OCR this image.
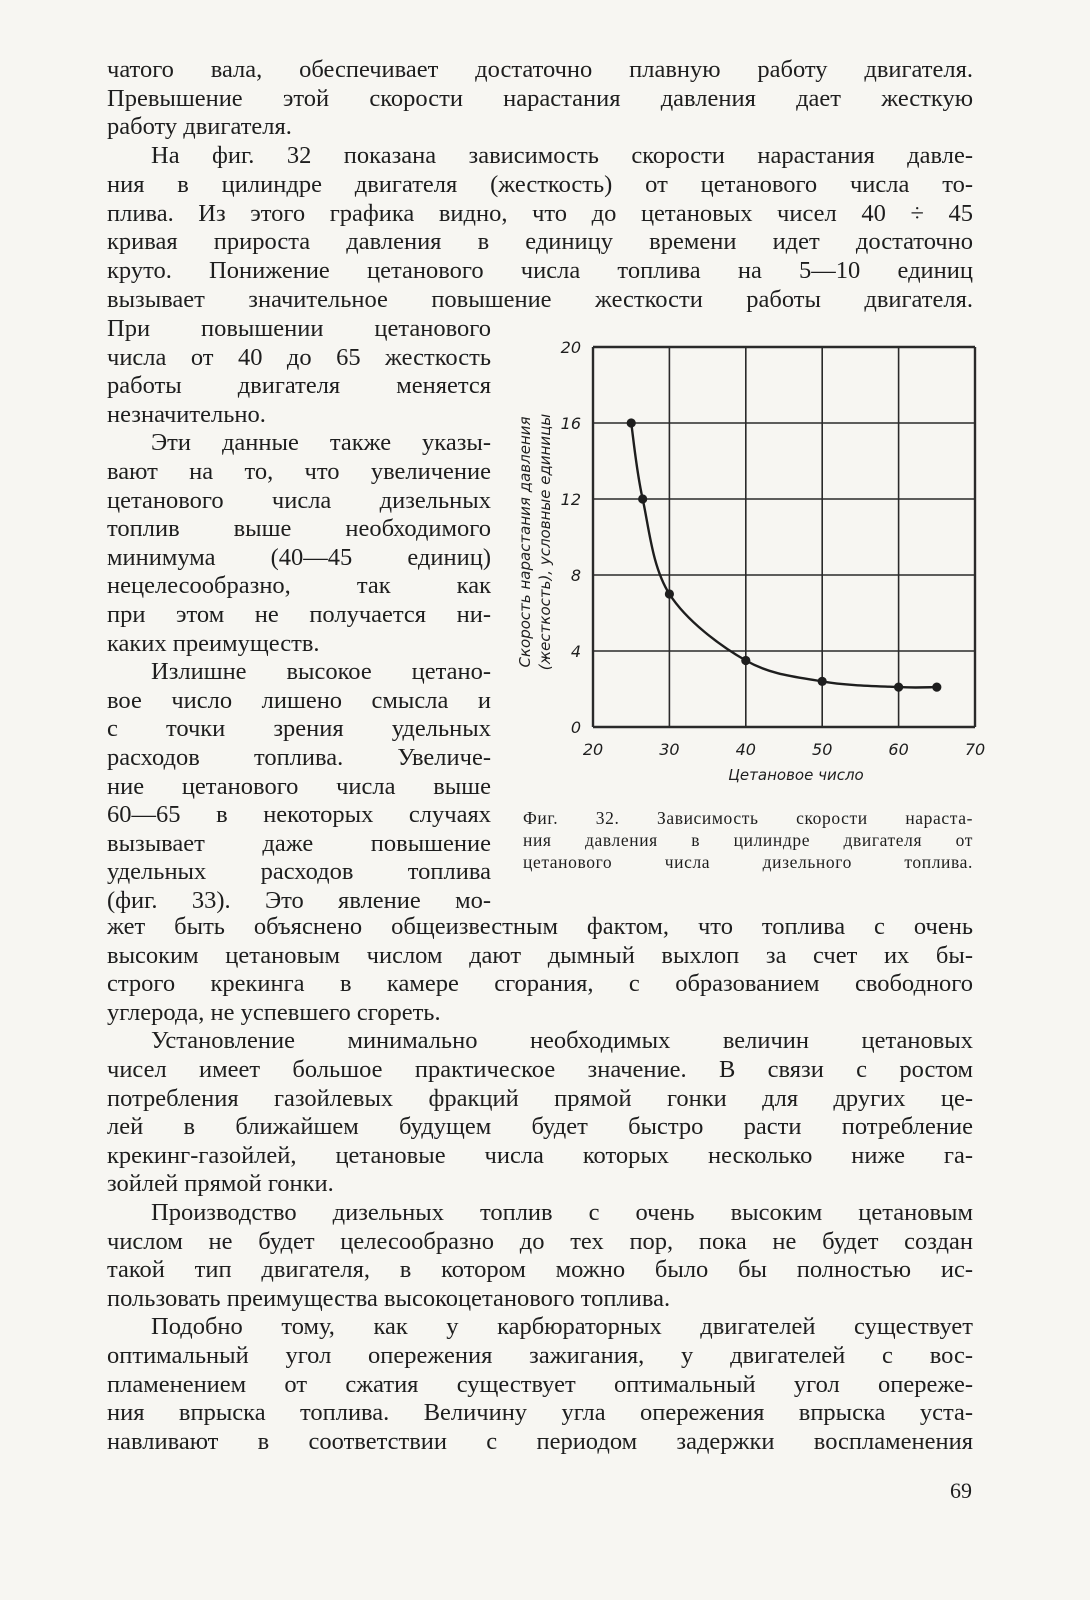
чатого вала, обеспечивает достаточно плавную работу двигателя.

Превышение этой скорости нарастания давления дает жесткую

работу двигателя.

На фиг. 32 показана зависимость скорости нарастания давле-

ния в цилиндре двигателя (жесткость) от цетанового числа то-

плива. Из этого графика видно, что до цетановых чисел 40 ÷ 45

кривая прироста давления в единицу времени идет достаточно

круто. Понижение цетанового числа топлива на 5—10 единиц

вызывает значительное повышение жесткости работы двигателя.

При повышении цетанового

числа от 40 до 65 жесткость

работы двигателя меняется

незначительно.

Эти данные также указы-

вают на то, что увеличение

цетанового числа дизельных

топлив выше необходимого

минимума (40—45 единиц)

нецелесообразно, так как

при этом не получается ни-

каких преимуществ.

Излишне высокое цетано-

вое число лишено смысла и

с точки зрения удельных

расходов топлива. Увеличе-

ние цетанового числа выше

60—65 в некоторых случаях

вызывает даже повышение

удельных расходов топлива

(фиг. 33). Это явление мо-

20	30	40	50	60	70
0
4
8
12
16
20
Цетановое число
Скорость нарастания давления (жесткость), условные единицы

Фиг. 32. Зависимость скорости нараста-

ния давления в цилиндре двигателя от

цетанового числа дизельного топлива.

жет быть объяснено общеизвестным фактом, что топлива с очень

высоким цетановым числом дают дымный выхлоп за счет их бы-

строго крекинга в камере сгорания, с образованием свободного

углерода, не успевшего сгореть.

Установление минимально необходимых величин цетановых

чисел имеет большое практическое значение. В связи с ростом

потребления газойлевых фракций прямой гонки для других це-

лей в ближайшем будущем будет быстро расти потребление

крекинг-газойлей, цетановые числа которых несколько ниже га-

зойлей прямой гонки.

Производство дизельных топлив с очень высоким цетановым

числом не будет целесообразно до тех пор, пока не будет создан

такой тип двигателя, в котором можно было бы полностью ис-

пользовать преимущества высокоцетанового топлива.

Подобно тому, как у карбюраторных двигателей существует

оптимальный угол опережения зажигания, у двигателей с вос-

пламенением от сжатия существует оптимальный угол опереже-

ния впрыска топлива. Величину угла опережения впрыска уста-

навливают в соответствии с периодом задержки воспламенения

69
